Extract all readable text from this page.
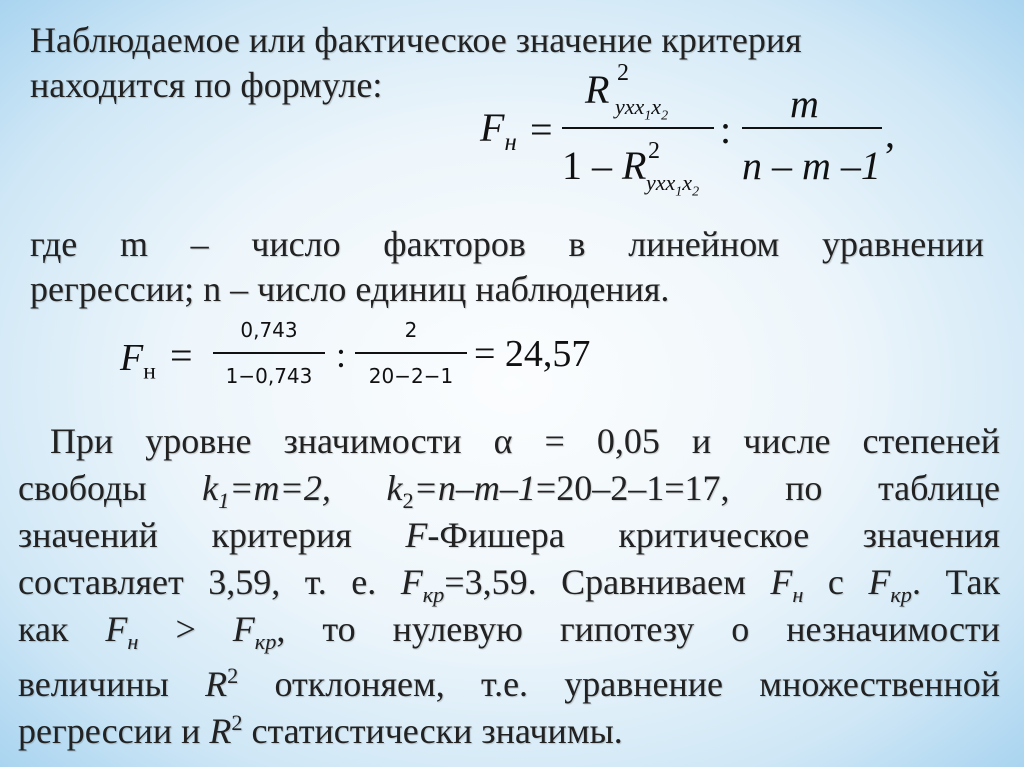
Наблюдаемое или фактическое значение критерия
находится по формуле:
$F_н$ =
R 2
$yxx_1x_2$
1 – R 2
$yxx_1x_2$
:
m
n – m –1
,
где m – число факторов в линейном уравнении
регрессии; n – число единиц наблюдения.
$F_н$ =
0,743
1−0,743
:
2
20−2−1
= 24,57
При уровне значимости α = 0,05 и числе степеней
свободы $k_1=m=2$, $k_2=n-m-1=20-2-1=17$, по таблице
значений критерия F-Фишера критическое значения
составляет 3,59, т. е. $F_{кр}=3,59$. Сравниваем $F_н$ с $F_{кр}$. Так
как $F_н > F_{кр}$, то нулевую гипотезу о незначимости
величины $R^2$ отклоняем, т.е. уравнение множественной
регрессии и $R^2$ статистически значимы.
